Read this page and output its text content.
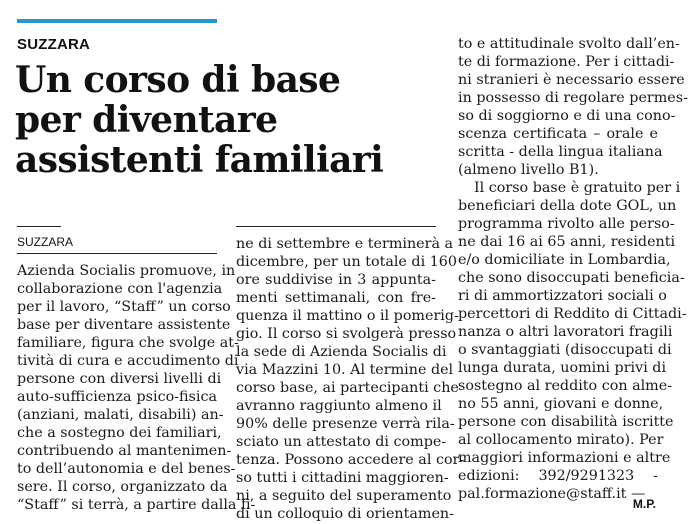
SUZZARA
Un corso di base
per diventare
assistenti familiari
SUZZARA
Azienda Socialis promuove, in
collaborazione con l'agenzia
per il lavoro, “Staff” un corso
base per diventare assistente
familiare, figura che svolge at-
tività di cura e accudimento di
persone con diversi livelli di
auto-sufficienza psico-fisica
(anziani, malati, disabili) an-
che a sostegno dei familiari,
contribuendo al mantenimen-
to dell’autonomia e del benes-
sere. Il corso, organizzato da
“Staff” si terrà, a partire dalla fi-
ne di settembre e terminerà a
dicembre, per un totale di 160
ore suddivise in 3 appunta-
menti settimanali, con fre-
quenza il mattino o il pomerig-
gio. Il corso si svolgerà presso
la sede di Azienda Socialis di
via Mazzini 10. Al termine del
corso base, ai partecipanti che
avranno raggiunto almeno il
90% delle presenze verrà rila-
sciato un attestato di compe-
tenza. Possono accedere al cor-
so tutti i cittadini maggioren-
ni, a seguito del superamento
di un colloquio di orientamen-
to e attitudinale svolto dall’en-
te di formazione. Per i cittadi-
ni stranieri è necessario essere
in possesso di regolare permes-
so di soggiorno e di una cono-
scenza certificata – orale e
scritta - della lingua italiana
(almeno livello B1).
Il corso base è gratuito per i
beneficiari della dote GOL, un
programma rivolto alle perso-
ne dai 16 ai 65 anni, residenti
e/o domiciliate in Lombardia,
che sono disoccupati beneficia-
ri di ammortizzatori sociali o
percettori di Reddito di Cittadi-
nanza o altri lavoratori fragili
o svantaggiati (disoccupati di
lunga durata, uomini privi di
sostegno al reddito con alme-
no 55 anni, giovani e donne,
persone con disabilità iscritte
al collocamento mirato). Per
maggiori informazioni e altre
edizioni: 392/9291323 -
pal.formazione@staff.it —
M.P.
